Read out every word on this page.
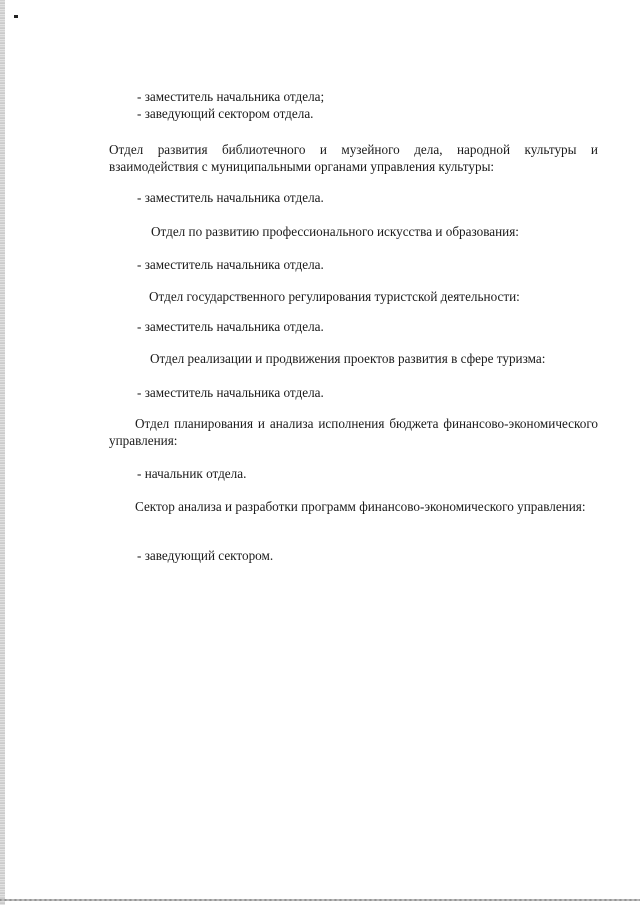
- заместитель начальника отдела;
- заведующий сектором отдела.
Отдел развития библиотечного и музейного дела, народной культуры и взаимодействия с муниципальными органами управления культуры:
- заместитель начальника отдела.
Отдел по развитию профессионального искусства и образования:
- заместитель начальника отдела.
Отдел государственного регулирования туристской деятельности:
- заместитель начальника отдела.
Отдел реализации и продвижения проектов развития в сфере туризма:
- заместитель начальника отдела.
Отдел планирования и анализа исполнения бюджета финансово-экономического управления:
- начальник отдела.
Сектор анализа и разработки программ финансово-экономического управления:
- заведующий сектором.
